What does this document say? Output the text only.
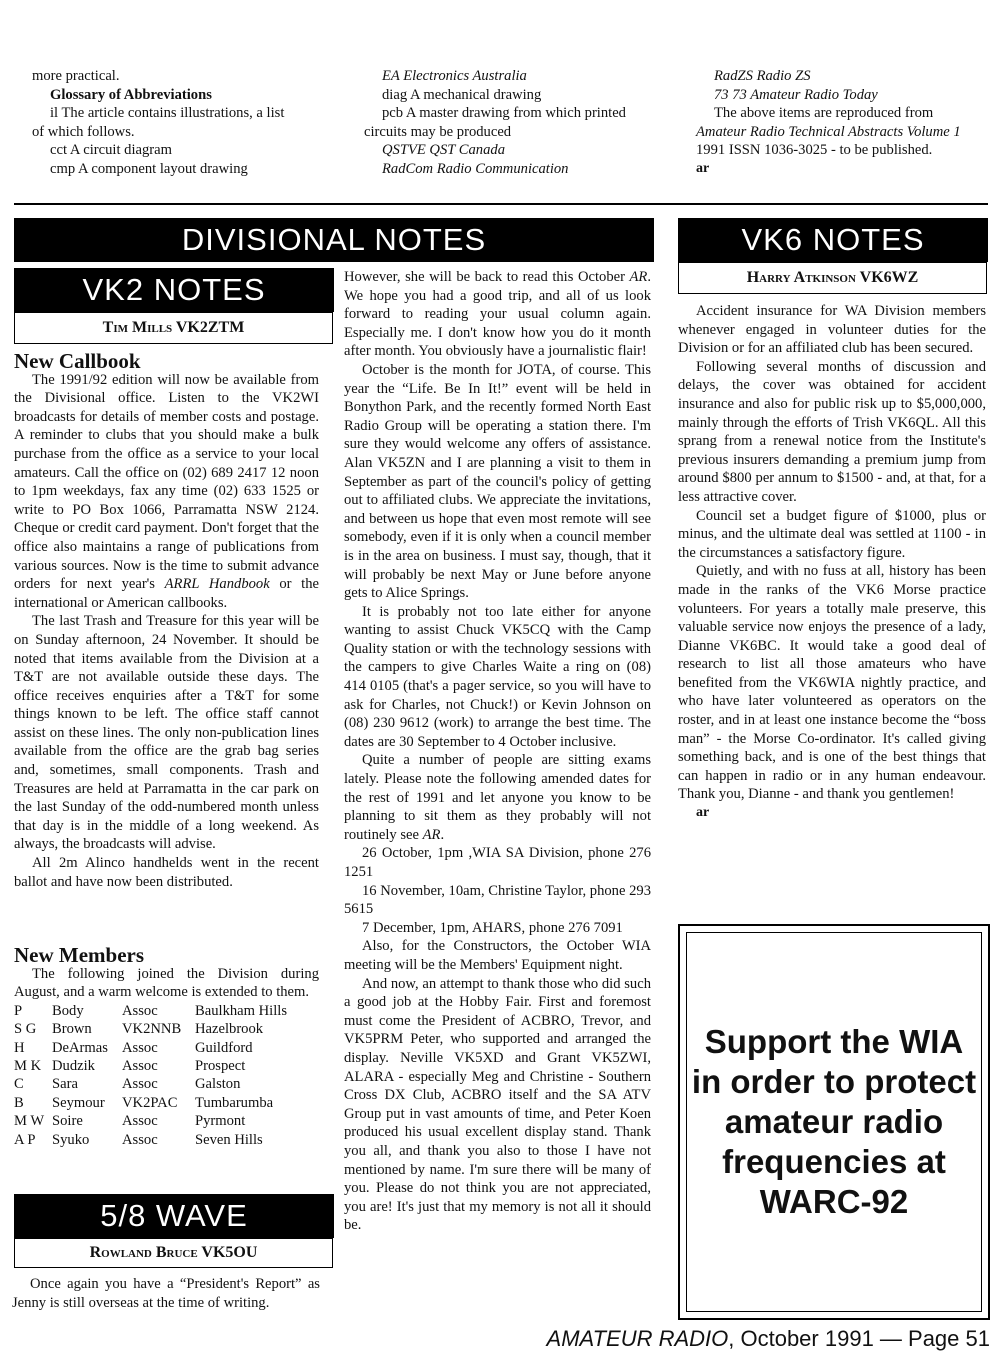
more practical.

Glossary of Abbreviations

il The article contains illustrations, a list

of which follows.

cct A circuit diagram

cmp A component layout drawing

EA Electronics Australia

diag A mechanical drawing

pcb A master drawing from which printed

circuits may be produced

QSTVE QST Canada

RadCom Radio Communication

RadZS Radio ZS

73 73 Amateur Radio Today

The above items are reproduced from

Amateur Radio Technical Abstracts Volume 1

1991 ISSN 1036-3025 - to be published.

ar

DIVISIONAL NOTES
VK2 NOTES
Tim Mills VK2ZTM
New Callbook

The 1991/92 edition will now be available from the Divisional office. Listen to the VK2WI broadcasts for details of member costs and postage. A reminder to clubs that you should make a bulk purchase from the office as a service to your local amateurs. Call the office on (02) 689 2417 12 noon to 1pm weekdays, fax any time (02) 633 1525 or write to PO Box 1066, Parramatta NSW 2124. Cheque or credit card payment. Don't forget that the office also maintains a range of publications from various sources. Now is the time to submit advance orders for next year's ARRL Handbook or the international or American callbooks.

The last Trash and Treasure for this year will be on Sunday afternoon, 24 November. It should be noted that items available from the Division at a T&T are not available outside these days. The office receives enquiries after a T&T for some things known to be left. The office staff cannot assist on these lines. The only non-publication lines available from the office are the grab bag series and, sometimes, small components. Trash and Treasures are held at Parramatta in the car park on the last Sunday of the odd-numbered month unless that day is in the middle of a long weekend. As always, the broadcasts will advise.

All 2m Alinco handhelds went in the recent ballot and have now been distributed.

New Members

The following joined the Division during August, and a warm welcome is extended to them.

P	Body	Assoc	Baulkham Hills
S G	Brown	VK2NNB	Hazelbrook
H	DeArmas	Assoc	Guildford
M K	Dudzik	Assoc	Prospect
C	Sara	Assoc	Galston
B	Seymour	VK2PAC	Tumbarumba
M W	Soire	Assoc	Pyrmont
A P	Syuko	Assoc	Seven Hills
5/8 WAVE
Rowland Bruce VK5OU

Once again you have a “President's Report” as Jenny is still overseas at the time of writing.

However, she will be back to read this October AR. We hope you had a good trip, and all of us look forward to reading your usual column again. Especially me. I don't know how you do it month after month. You obviously have a journalistic flair!

October is the month for JOTA, of course. This year the “Life. Be In It!” event will be held in Bonython Park, and the recently formed North East Radio Group will be operating a station there. I'm sure they would welcome any offers of assistance. Alan VK5ZN and I are planning a visit to them in September as part of the council's policy of getting out to affiliated clubs. We appreciate the invitations, and between us hope that even most remote will see somebody, even if it is only when a council member is in the area on business. I must say, though, that it will probably be next May or June before anyone gets to Alice Springs.

It is probably not too late either for anyone wanting to assist Chuck VK5CQ with the Camp Quality station or with the technology sessions with the campers to give Charles Waite a ring on (08) 414 0105 (that's a pager service, so you will have to ask for Charles, not Chuck!) or Kevin Johnson on (08) 230 9612 (work) to arrange the best time. The dates are 30 September to 4 October inclusive.

Quite a number of people are sitting exams lately. Please note the following amended dates for the rest of 1991 and let anyone you know to be planning to sit them as they probably will not routinely see AR.

26 October, 1pm ,WIA SA Division, phone 276 1251

16 November, 10am, Christine Taylor, phone 293 5615

7 December, 1pm, AHARS, phone 276 7091

Also, for the Constructors, the October WIA meeting will be the Members' Equipment night.

And now, an attempt to thank those who did such a good job at the Hobby Fair. First and foremost must come the President of ACBRO, Trevor, and VK5PRM Peter, who supported and arranged the display. Neville VK5XD and Grant VK5ZWI, ALARA - especially Meg and Christine - Southern Cross DX Club, ACBRO itself and the SA ATV Group put in vast amounts of time, and Peter Koen produced his usual excellent display stand. Thank you all, and thank you also to those I have not mentioned by name. I'm sure there will be many of you. Please do not think you are not appreciated, you are! It's just that my memory is not all it should be.

VK6 NOTES
Harry Atkinson VK6WZ

Accident insurance for WA Division members whenever engaged in volunteer duties for the Division or for an affiliated club has been secured.

Following several months of discussion and delays, the cover was obtained for accident insurance and also for public risk up to $5,000,000, mainly through the efforts of Trish VK6QL. All this sprang from a renewal notice from the Institute's previous insurers demanding a premium jump from around $800 per annum to $1500 - and, at that, for a less attractive cover.

Council set a budget figure of $1000, plus or minus, and the ultimate deal was settled at 1100 - in the circumstances a satisfactory figure.

Quietly, and with no fuss at all, history has been made in the ranks of the VK6 Morse practice volunteers. For years a totally male preserve, this valuable service now enjoys the presence of a lady, Dianne VK6BC. It would take a good deal of research to list all those amateurs who have benefited from the VK6WIA nightly practice, and who have later volunteered as operators on the roster, and in at least one instance become the “boss man” - the Morse Co-ordinator. It's called giving something back, and is one of the best things that can happen in radio or in any human endeavour. Thank you, Dianne - and thank you gentlemen!

ar

Support the WIA in order to protect amateur radio frequencies at WARC-92
AMATEUR RADIO, October 1991 — Page 51
